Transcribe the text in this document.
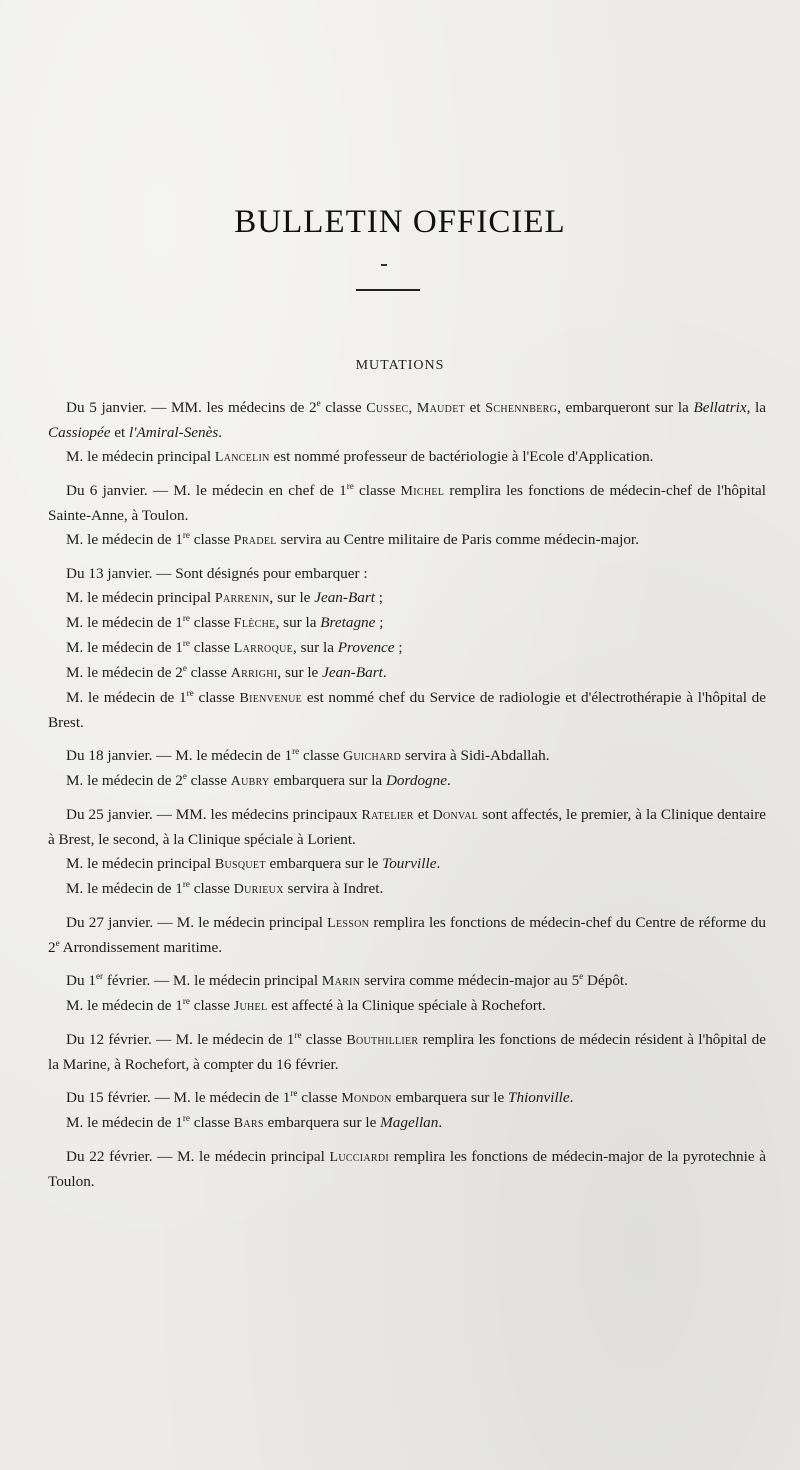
BULLETIN OFFICIEL
MUTATIONS

Du 5 janvier. — MM. les médecins de 2e classe Cussec, Maudet et Schennberg, embarqueront sur la Bellatrix, la Cassiopée et l'Amiral-Senès.

M. le médecin principal Lancelin est nommé professeur de bactériologie à l'Ecole d'Application.

Du 6 janvier. — M. le médecin en chef de 1re classe Michel remplira les fonctions de médecin-chef de l'hôpital Sainte-Anne, à Toulon.

M. le médecin de 1re classe Pradel servira au Centre militaire de Paris comme médecin-major.

Du 13 janvier. — Sont désignés pour embarquer :

M. le médecin principal Parrenin, sur le Jean-Bart ;

M. le médecin de 1re classe Flèche, sur la Bretagne ;

M. le médecin de 1re classe Larroque, sur la Provence ;

M. le médecin de 2e classe Arrighi, sur le Jean-Bart.

M. le médecin de 1re classe Bienvenue est nommé chef du Service de radiologie et d'électrothérapie à l'hôpital de Brest.

Du 18 janvier. — M. le médecin de 1re classe Guichard servira à Sidi-Abdallah.

M. le médecin de 2e classe Aubry embarquera sur la Dordogne.

Du 25 janvier. — MM. les médecins principaux Ratelier et Donval sont affectés, le premier, à la Clinique dentaire à Brest, le second, à la Clinique spéciale à Lorient.

M. le médecin principal Busquet embarquera sur le Tourville.

M. le médecin de 1re classe Durieux servira à Indret.

Du 27 janvier. — M. le médecin principal Lesson remplira les fonctions de médecin-chef du Centre de réforme du 2e Arrondissement maritime.

Du 1er février. — M. le médecin principal Marin servira comme médecin-major au 5e Dépôt.

M. le médecin de 1re classe Juhel est affecté à la Clinique spéciale à Rochefort.

Du 12 février. — M. le médecin de 1re classe Bouthillier remplira les fonctions de médecin résident à l'hôpital de la Marine, à Rochefort, à compter du 16 février.

Du 15 février. — M. le médecin de 1re classe Mondon embarquera sur le Thionville.

M. le médecin de 1re classe Bars embarquera sur le Magellan.

Du 22 février. — M. le médecin principal Lucciardi remplira les fonctions de médecin-major de la pyrotechnie à Toulon.
